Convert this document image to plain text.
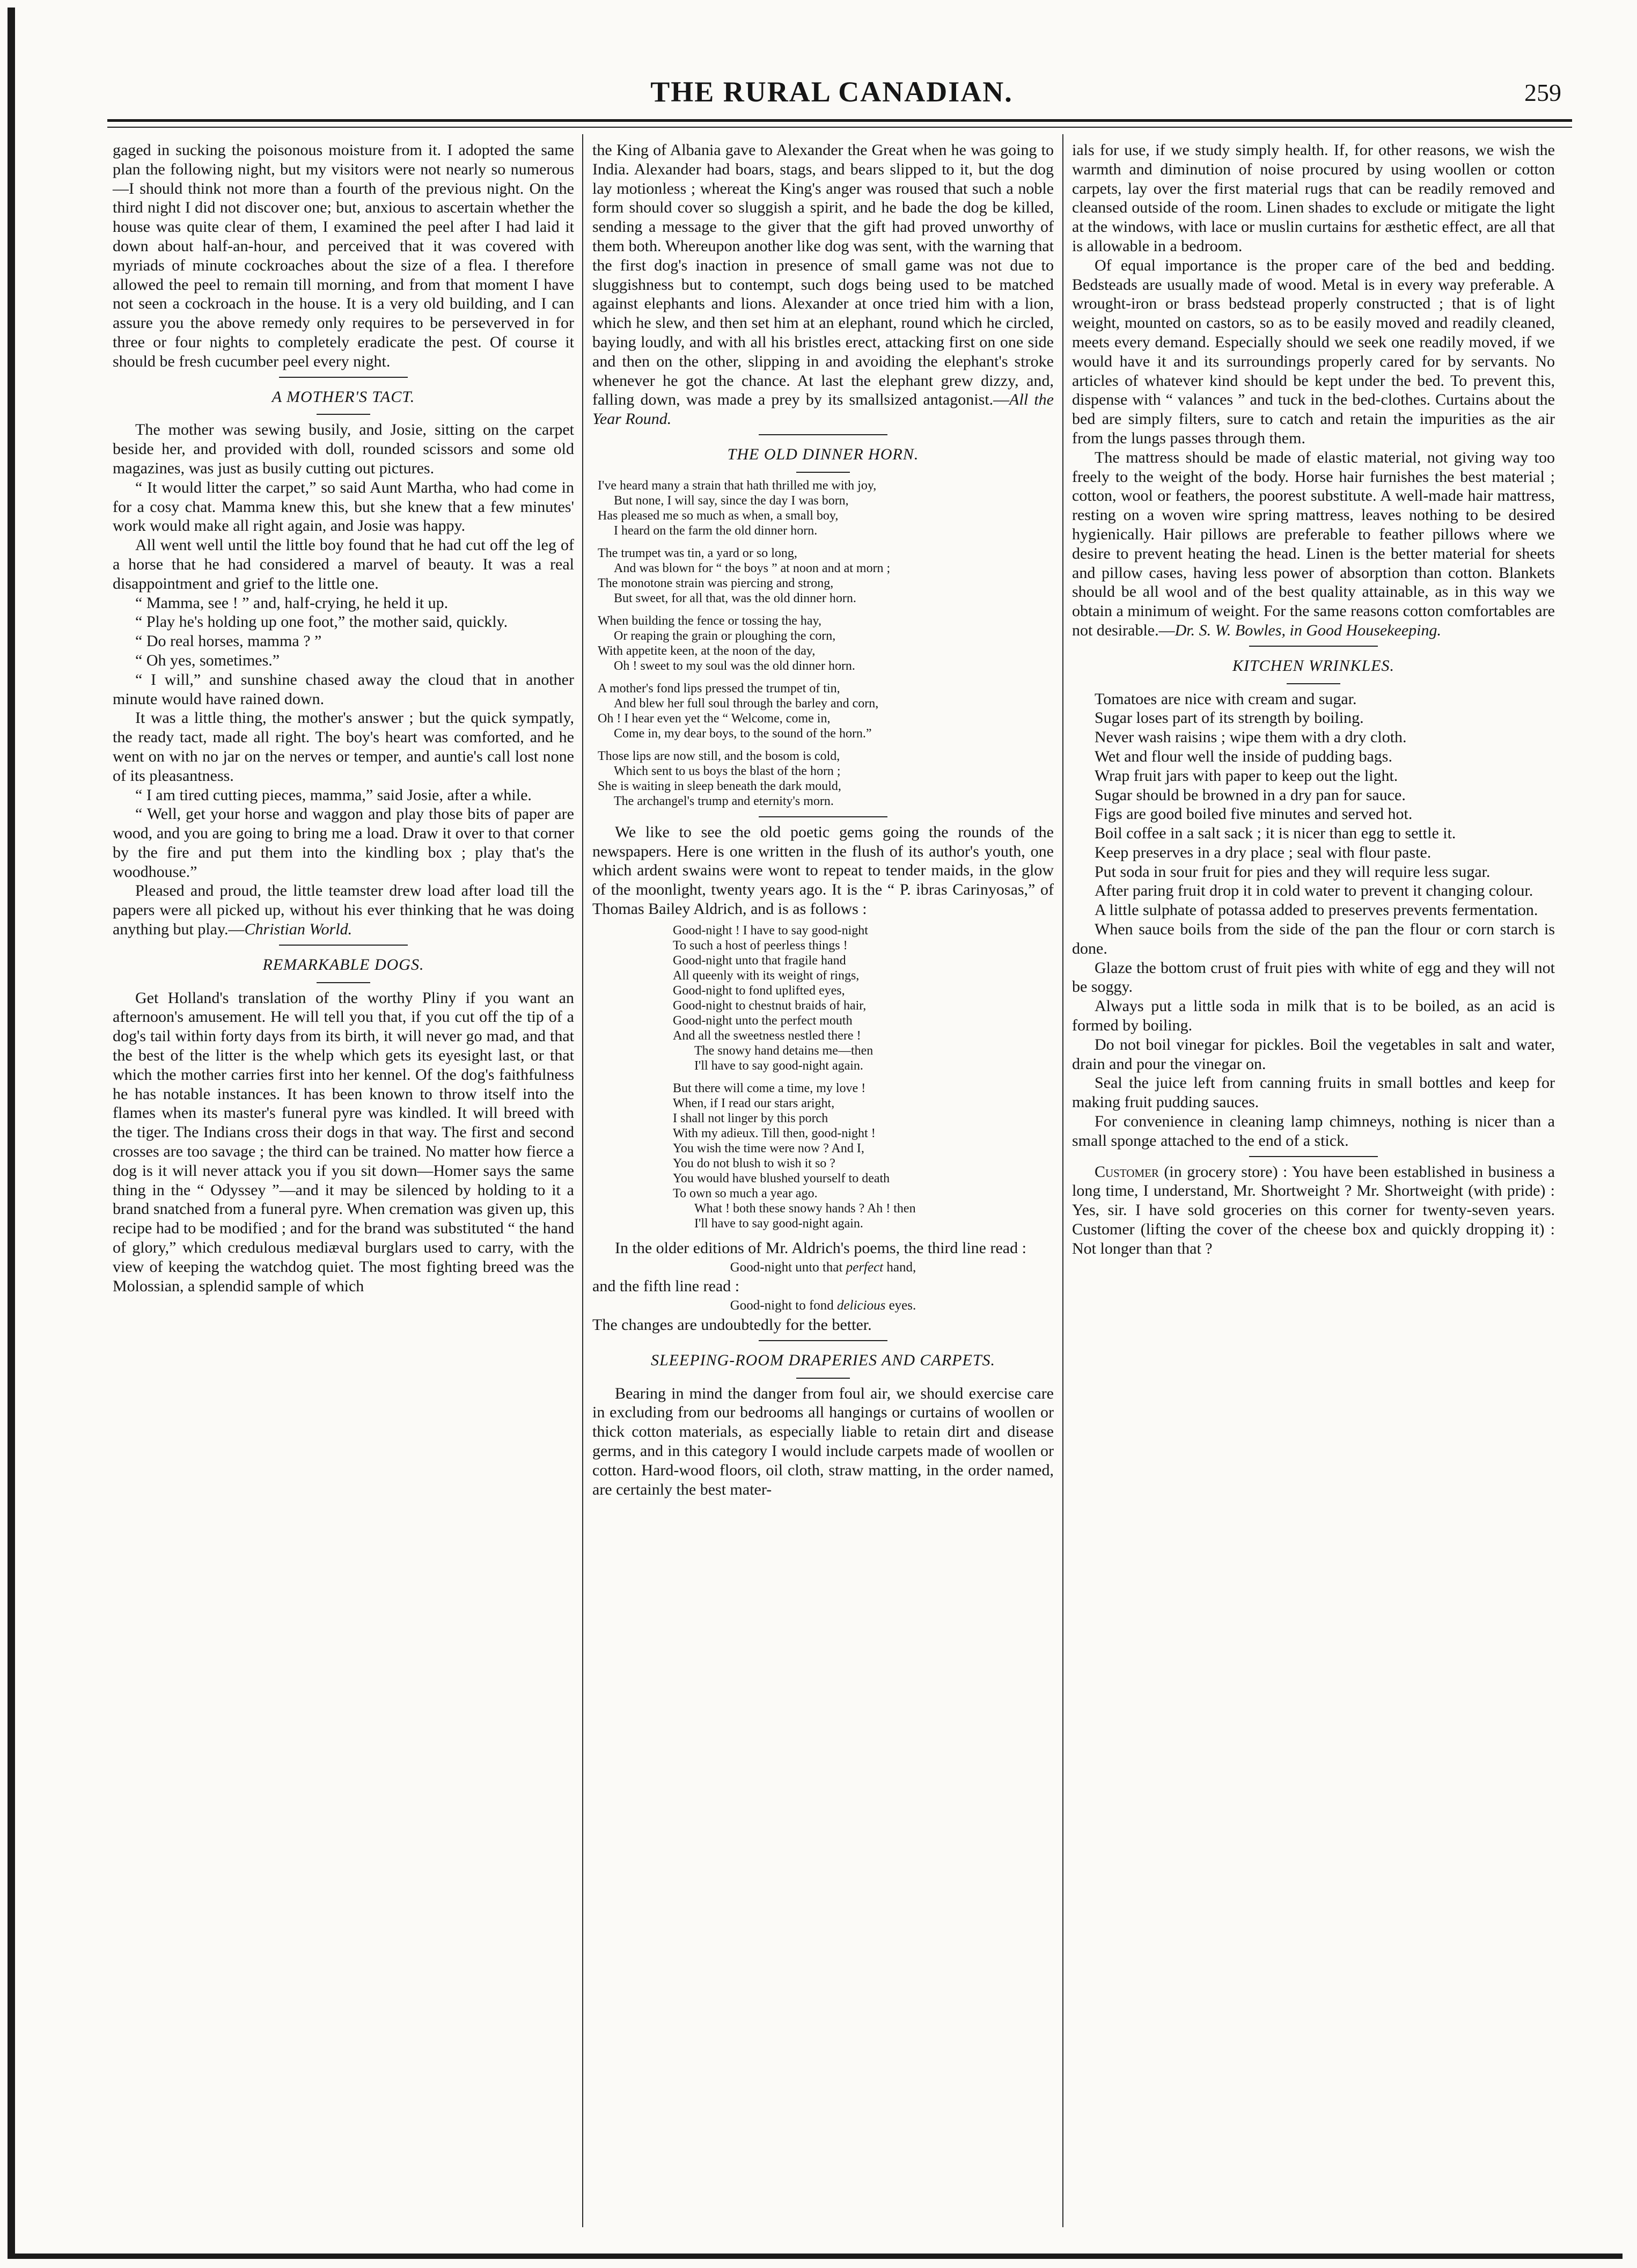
THE RURAL CANADIAN.	259

gaged in sucking the poisonous moisture from it. I adopted the same plan the following night, but my visitors were not nearly so numerous—I should think not more than a fourth of the previous night. On the third night I did not discover one; but, anxious to ascertain whether the house was quite clear of them, I examined the peel after I had laid it down about half-an-hour, and perceived that it was covered with myriads of minute cockroaches about the size of a flea. I therefore allowed the peel to remain till morning, and from that moment I have not seen a cockroach in the house. It is a very old building, and I can assure you the above remedy only requires to be perseverved in for three or four nights to completely eradicate the pest. Of course it should be fresh cucumber peel every night.

A MOTHER'S TACT.

The mother was sewing busily, and Josie, sitting on the carpet beside her, and provided with doll, rounded scissors and some old magazines, was just as busily cutting out pictures.

“ It would litter the carpet,” so said Aunt Martha, who had come in for a cosy chat. Mamma knew this, but she knew that a few minutes' work would make all right again, and Josie was happy.

All went well until the little boy found that he had cut off the leg of a horse that he had considered a marvel of beauty. It was a real disappointment and grief to the little one.

“ Mamma, see ! ” and, half-crying, he held it up.

“ Play he's holding up one foot,” the mother said, quickly.

“ Do real horses, mamma ? ”

“ Oh yes, sometimes.”

“ I will,” and sunshine chased away the cloud that in another minute would have rained down.

It was a little thing, the mother's answer ; but the quick sympatly, the ready tact, made all right. The boy's heart was comforted, and he went on with no jar on the nerves or temper, and auntie's call lost none of its pleasantness.

“ I am tired cutting pieces, mamma,” said Josie, after a while.

“ Well, get your horse and waggon and play those bits of paper are wood, and you are going to bring me a load. Draw it over to that corner by the fire and put them into the kindling box ; play that's the woodhouse.”

Pleased and proud, the little teamster drew load after load till the papers were all picked up, without his ever thinking that he was doing anything but play.—Christian World.

REMARKABLE DOGS.

Get Holland's translation of the worthy Pliny if you want an afternoon's amusement. He will tell you that, if you cut off the tip of a dog's tail within forty days from its birth, it will never go mad, and that the best of the litter is the whelp which gets its eyesight last, or that which the mother carries first into her kennel. Of the dog's faithfulness he has notable instances. It has been known to throw itself into the flames when its master's funeral pyre was kindled. It will breed with the tiger. The Indians cross their dogs in that way. The first and second crosses are too savage ; the third can be trained. No matter how fierce a dog is it will never attack you if you sit down—Homer says the same thing in the “ Odyssey ”—and it may be silenced by holding to it a brand snatched from a funeral pyre. When cremation was given up, this recipe had to be modified ; and for the brand was substituted “ the hand of glory,” which credulous mediæval burglars used to carry, with the view of keeping the watchdog quiet. The most fighting breed was the Molossian, a splendid sample of which

the King of Albania gave to Alexander the Great when he was going to India. Alexander had boars, stags, and bears slipped to it, but the dog lay motionless ; whereat the King's anger was roused that such a noble form should cover so sluggish a spirit, and he bade the dog be killed, sending a message to the giver that the gift had proved unworthy of them both. Whereupon another like dog was sent, with the warning that the first dog's inaction in presence of small game was not due to sluggishness but to contempt, such dogs being used to be matched against elephants and lions. Alexander at once tried him with a lion, which he slew, and then set him at an elephant, round which he circled, baying loudly, and with all his bristles erect, attacking first on one side and then on the other, slipping in and avoiding the elephant's stroke whenever he got the chance. At last the elephant grew dizzy, and, falling down, was made a prey by its smallsized antagonist.—All the Year Round.

THE OLD DINNER HORN.
I've heard many a strain that hath thrilled me with joy,
But none, I will say, since the day I was born,
Has pleased me so much as when, a small boy,
I heard on the farm the old dinner horn.
The trumpet was tin, a yard or so long,
And was blown for “ the boys ” at noon and at morn ;
The monotone strain was piercing and strong,
But sweet, for all that, was the old dinner horn.
When building the fence or tossing the hay,
Or reaping the grain or ploughing the corn,
With appetite keen, at the noon of the day,
Oh ! sweet to my soul was the old dinner horn.
A mother's fond lips pressed the trumpet of tin,
And blew her full soul through the barley and corn,
Oh ! I hear even yet the “ Welcome, come in,
Come in, my dear boys, to the sound of the horn.”
Those lips are now still, and the bosom is cold,
Which sent to us boys the blast of the horn ;
She is waiting in sleep beneath the dark mould,
The archangel's trump and eternity's morn.

We like to see the old poetic gems going the rounds of the newspapers. Here is one written in the flush of its author's youth, one which ardent swains were wont to repeat to tender maids, in the glow of the moonlight, twenty years ago. It is the “ P. ibras Carinyosas,” of Thomas Bailey Aldrich, and is as follows :

Good-night ! I have to say good-night
To such a host of peerless things !
Good-night unto that fragile hand
All queenly with its weight of rings,
Good-night to fond uplifted eyes,
Good-night to chestnut braids of hair,
Good-night unto the perfect mouth
And all the sweetness nestled there !
The snowy hand detains me—then
I'll have to say good-night again.
But there will come a time, my love !
When, if I read our stars aright,
I shall not linger by this porch
With my adieux. Till then, good-night !
You wish the time were now ? And I,
You do not blush to wish it so ?
You would have blushed yourself to death
To own so much a year ago.
What ! both these snowy hands ? Ah ! then
I'll have to say good-night again.

In the older editions of Mr. Aldrich's poems, the third line read :

Good-night unto that perfect hand,

and the fifth line read :

Good-night to fond delicious eyes.

The changes are undoubtedly for the better.

SLEEPING-ROOM DRAPERIES AND CARPETS.

Bearing in mind the danger from foul air, we should exercise care in excluding from our bedrooms all hangings or curtains of woollen or thick cotton materials, as especially liable to retain dirt and disease germs, and in this category I would include carpets made of woollen or cotton. Hard-wood floors, oil cloth, straw matting, in the order named, are certainly the best mater-

ials for use, if we study simply health. If, for other reasons, we wish the warmth and diminution of noise procured by using woollen or cotton carpets, lay over the first material rugs that can be readily removed and cleansed outside of the room. Linen shades to exclude or mitigate the light at the windows, with lace or muslin curtains for æsthetic effect, are all that is allowable in a bedroom.

Of equal importance is the proper care of the bed and bedding. Bedsteads are usually made of wood. Metal is in every way preferable. A wrought-iron or brass bedstead properly constructed ; that is of light weight, mounted on castors, so as to be easily moved and readily cleaned, meets every demand. Especially should we seek one readily moved, if we would have it and its surroundings properly cared for by servants. No articles of whatever kind should be kept under the bed. To prevent this, dispense with “ valances ” and tuck in the bed-clothes. Curtains about the bed are simply filters, sure to catch and retain the impurities as the air from the lungs passes through them.

The mattress should be made of elastic material, not giving way too freely to the weight of the body. Horse hair furnishes the best material ; cotton, wool or feathers, the poorest substitute. A well-made hair mattress, resting on a woven wire spring mattress, leaves nothing to be desired hygienically. Hair pillows are preferable to feather pillows where we desire to prevent heating the head. Linen is the better material for sheets and pillow cases, having less power of absorption than cotton. Blankets should be all wool and of the best quality attainable, as in this way we obtain a minimum of weight. For the same reasons cotton comfortables are not desirable.—Dr. S. W. Bowles, in Good Housekeeping.

KITCHEN WRINKLES.

Tomatoes are nice with cream and sugar.

Sugar loses part of its strength by boiling.

Never wash raisins ; wipe them with a dry cloth.

Wet and flour well the inside of pudding bags.

Wrap fruit jars with paper to keep out the light.

Sugar should be browned in a dry pan for sauce.

Figs are good boiled five minutes and served hot.

Boil coffee in a salt sack ; it is nicer than egg to settle it.

Keep preserves in a dry place ; seal with flour paste.

Put soda in sour fruit for pies and they will require less sugar.

After paring fruit drop it in cold water to prevent it changing colour.

A little sulphate of potassa added to preserves prevents fermentation.

When sauce boils from the side of the pan the flour or corn starch is done.

Glaze the bottom crust of fruit pies with white of egg and they will not be soggy.

Always put a little soda in milk that is to be boiled, as an acid is formed by boiling.

Do not boil vinegar for pickles. Boil the vegetables in salt and water, drain and pour the vinegar on.

Seal the juice left from canning fruits in small bottles and keep for making fruit pudding sauces.

For convenience in cleaning lamp chimneys, nothing is nicer than a small sponge attached to the end of a stick.

Customer (in grocery store) : You have been established in business a long time, I understand, Mr. Shortweight ? Mr. Shortweight (with pride) : Yes, sir. I have sold groceries on this corner for twenty-seven years. Customer (lifting the cover of the cheese box and quickly dropping it) : Not longer than that ?
